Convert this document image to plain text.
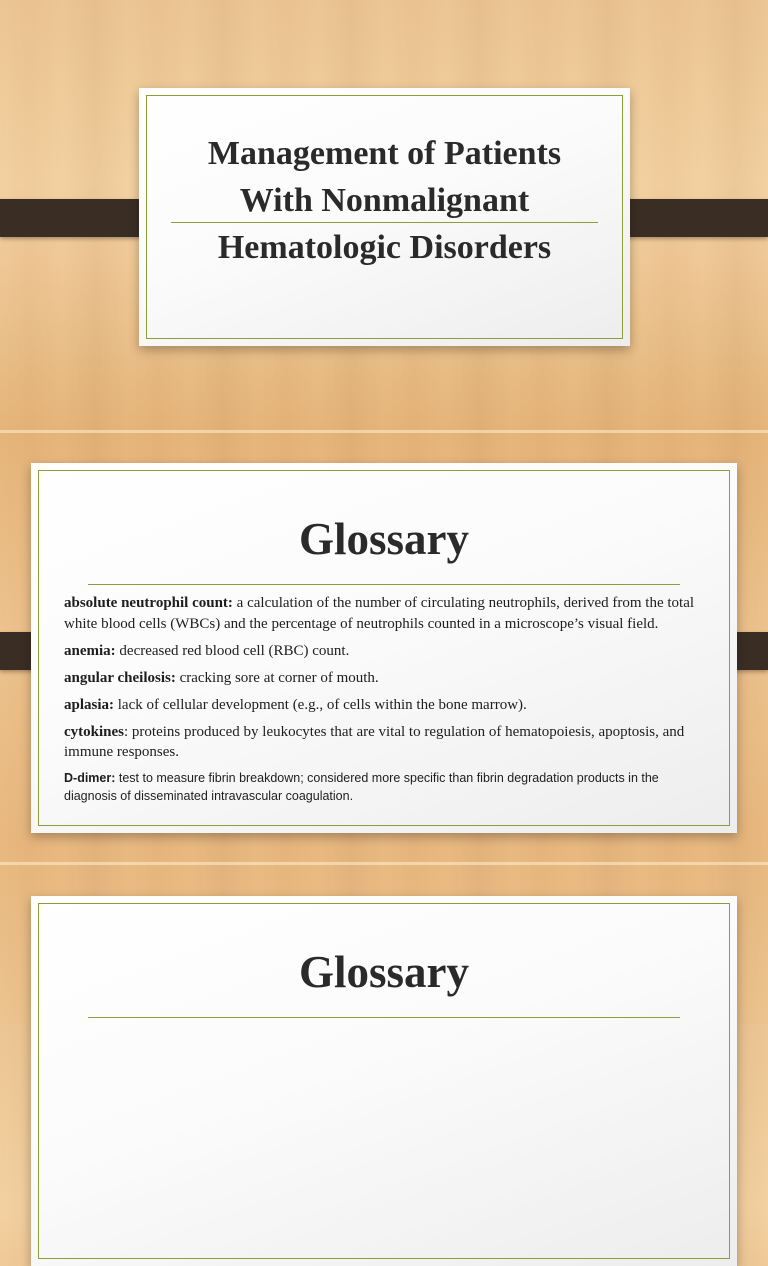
Management of Patients With Nonmalignant Hematologic Disorders
Glossary

absolute neutrophil count: a calculation of the number of circulating neutrophils, derived from the total white blood cells (WBCs) and the percentage of neutrophils counted in a microscope’s visual field.

anemia: decreased red blood cell (RBC) count.

angular cheilosis: cracking sore at corner of mouth.

aplasia: lack of cellular development (e.g., of cells within the bone marrow).

cytokines: proteins produced by leukocytes that are vital to regulation of hematopoiesis, apoptosis, and immune responses.

D-dimer: test to measure fibrin breakdown; considered more specific than fibrin degradation products in the diagnosis of disseminated intravascular coagulation.

Glossary
